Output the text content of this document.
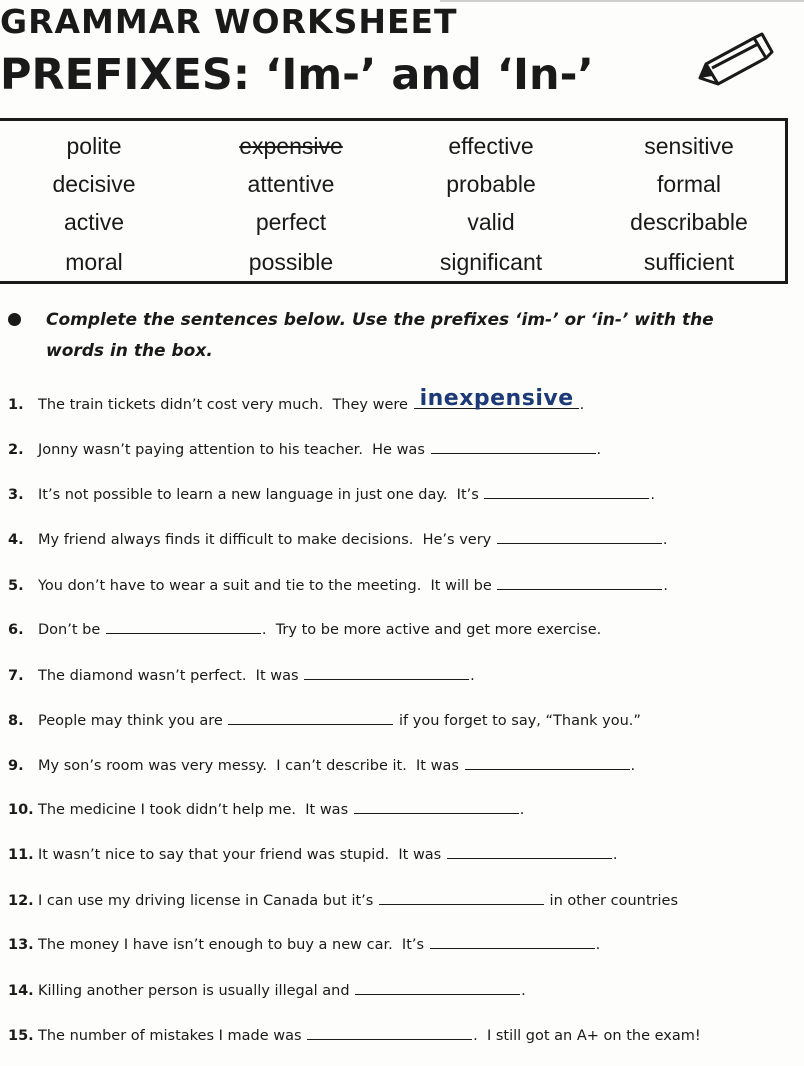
GRAMMAR WORKSHEET
PREFIXES: ‘Im-’ and ‘In-’
polite	expensive	effective	sensitive
decisive	attentive	probable	formal
active	perfect	valid	describable
moral	possible	significant	sufficient
Complete the sentences below. Use the prefixes ‘im-’ or ‘in-’ with the words in the box.
1. The train tickets didn’t cost very much.  They were inexpensive .
2. Jonny wasn’t paying attention to his teacher.  He was	.
3. It’s not possible to learn a new language in just one day.  It’s	.
4. My friend always finds it difficult to make decisions.  He’s very	.
5. You don’t have to wear a suit and tie to the meeting.  It will be	.
6. Don’t be	.  Try to be more active and get more exercise.
7. The diamond wasn’t perfect.  It was	.
8. People may think you are	if you forget to say, “Thank you.”
9. My son’s room was very messy.  I can’t describe it.  It was	.
10. The medicine I took didn’t help me.  It was	.
11. It wasn’t nice to say that your friend was stupid.  It was	.
12. I can use my driving license in Canada but it’s	in other countries
13. The money I have isn’t enough to buy a new car.  It’s	.
14. Killing another person is usually illegal and	.
15. The number of mistakes I made was	.  I still got an A+ on the exam!
